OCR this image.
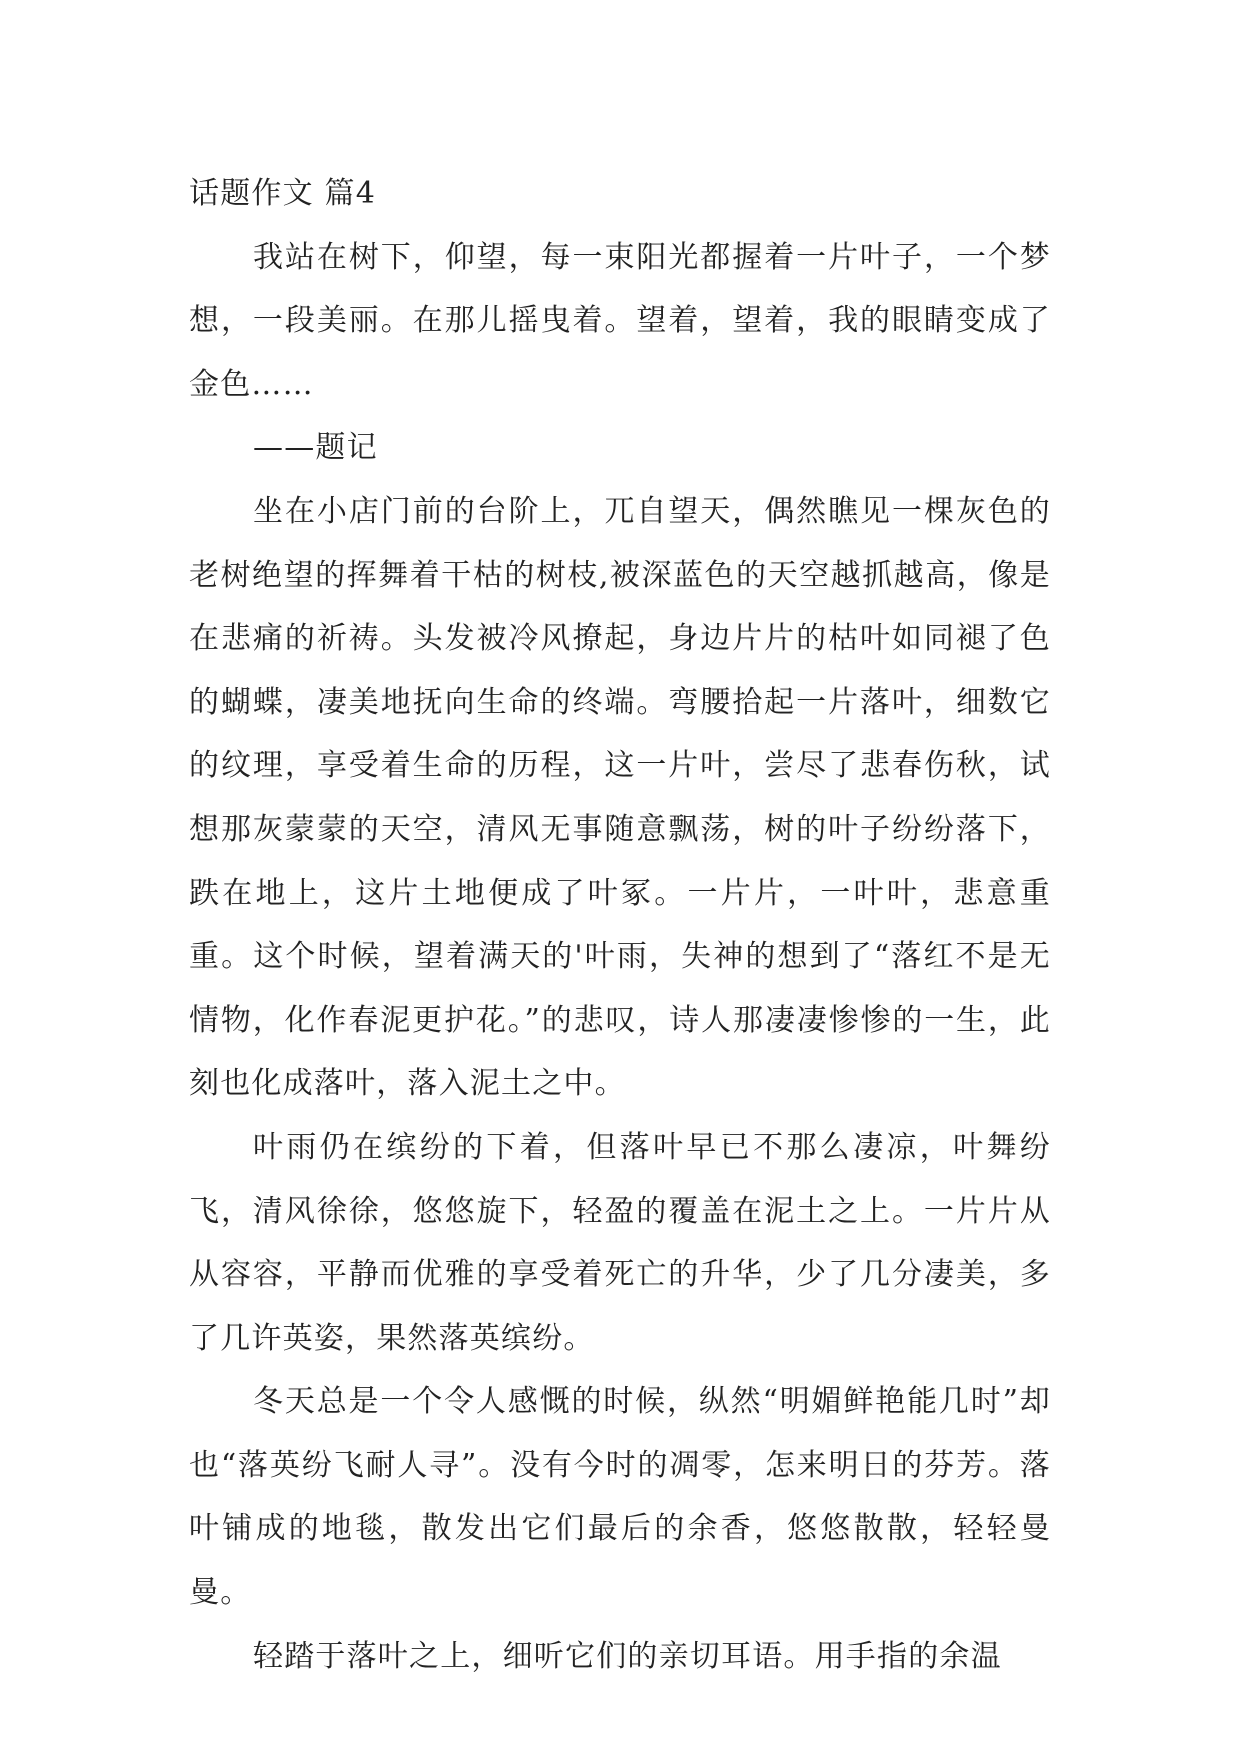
话题作文 篇4

我站在树下，仰望，每一束阳光都握着一片叶子，一个梦想，一段美丽。在那儿摇曳着。望着，望着，我的眼睛变成了金色……

——题记

坐在小店门前的台阶上，兀自望天，偶然瞧见一棵灰色的老树绝望的挥舞着干枯的树枝,被深蓝色的天空越抓越高，像是在悲痛的祈祷。头发被冷风撩起，身边片片的枯叶如同褪了色的蝴蝶，凄美地抚向生命的终端。弯腰拾起一片落叶，细数它的纹理，享受着生命的历程，这一片叶，尝尽了悲春伤秋，试想那灰蒙蒙的天空，清风无事随意飘荡，树的叶子纷纷落下，跌在地上，这片土地便成了叶冢。一片片，一叶叶，悲意重重。这个时候，望着满天的'叶雨，失神的想到了“落红不是无情物，化作春泥更护花。”的悲叹，诗人那凄凄惨惨的一生，此刻也化成落叶，落入泥土之中。

叶雨仍在缤纷的下着，但落叶早已不那么凄凉，叶舞纷飞，清风徐徐，悠悠旋下，轻盈的覆盖在泥土之上。一片片从从容容，平静而优雅的享受着死亡的升华，少了几分凄美，多了几许英姿，果然落英缤纷。

冬天总是一个令人感慨的时候，纵然“明媚鲜艳能几时”却也“落英纷飞耐人寻”。没有今时的凋零，怎来明日的芬芳。落叶铺成的地毯，散发出它们最后的余香，悠悠散散，轻轻曼曼。

轻踏于落叶之上，细听它们的亲切耳语。用手指的余温
